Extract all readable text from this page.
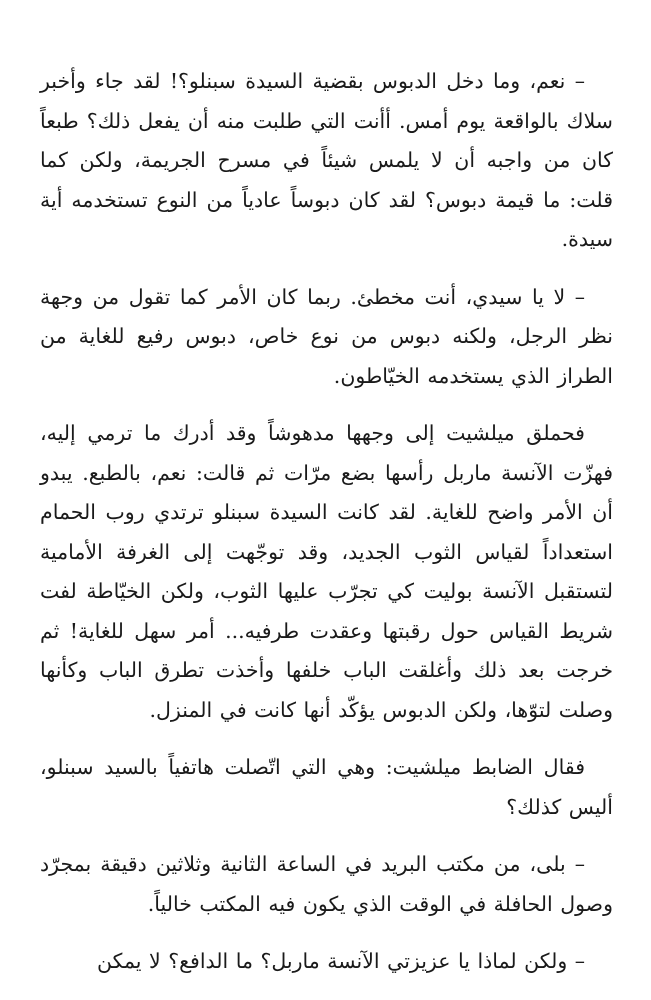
– نعم، وما دخل الدبوس بقضية السيدة سبنلو؟! لقد جاء وأخبر سلاك بالواقعة يوم أمس. أأنت التي طلبت منه أن يفعل ذلك؟ طبعاً كان من واجبه أن لا يلمس شيئاً في مسرح الجريمة، ولكن كما قلت: ما قيمة دبوس؟ لقد كان دبوساً عادياً من النوع تستخدمه أية سيدة.

– لا يا سيدي، أنت مخطئ. ربما كان الأمر كما تقول من وجهة نظر الرجل، ولكنه دبوس من نوع خاص، دبوس رفيع للغاية من الطراز الذي يستخدمه الخيّاطون.

فحملق ميلشيت إلى وجهها مدهوشاً وقد أدرك ما ترمي إليه، فهزّت الآنسة ماربل رأسها بضع مرّات ثم قالت: نعم، بالطبع. يبدو أن الأمر واضح للغاية. لقد كانت السيدة سبنلو ترتدي روب الحمام استعداداً لقياس الثوب الجديد، وقد توجّهت إلى الغرفة الأمامية لتستقبل الآنسة بوليت كي تجرّب عليها الثوب، ولكن الخيّاطة لفت شريط القياس حول رقبتها وعقدت طرفيه... أمر سهل للغاية! ثم خرجت بعد ذلك وأغلقت الباب خلفها وأخذت تطرق الباب وكأنها وصلت لتوّها، ولكن الدبوس يؤكّد أنها كانت في المنزل.

فقال الضابط ميلشيت: وهي التي اتّصلت هاتفياً بالسيد سبنلو، أليس كذلك؟

– بلى، من مكتب البريد في الساعة الثانية وثلاثين دقيقة بمجرّد وصول الحافلة في الوقت الذي يكون فيه المكتب خالياً.

– ولكن لماذا يا عزيزتي الآنسة ماربل؟ ما الدافع؟ لا يمكن
